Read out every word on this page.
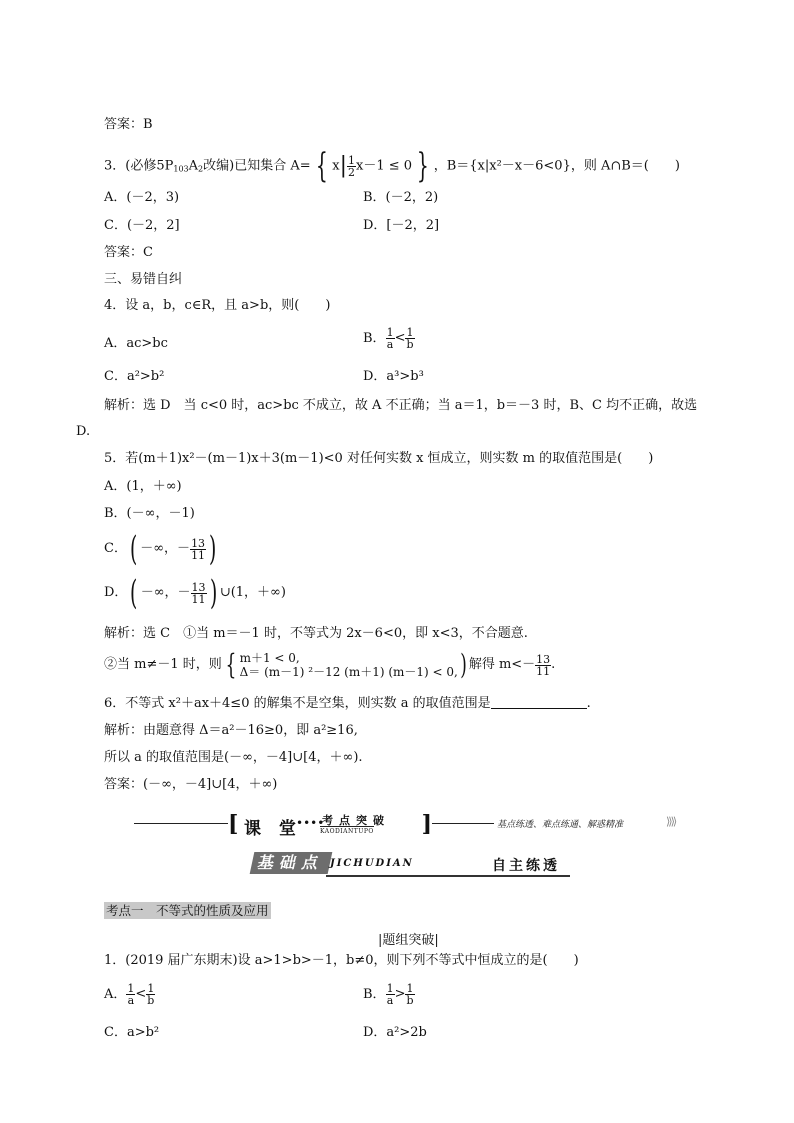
答案：B
3．(必修$5P_{103}A_2$改编)已知集合 A= { $x| \frac{1}{2} x-1 \le 0$ } ，B＝{x|x²－x－6<0}，则 A∩B＝(　　)
A．(－2，3)	B．(－2，2)
C．(－2，2]	D．[－2，2]
答案：C
三、易错自纠
4．设 a，b，c∈R，且 a>b，则(　　)
A．ac>bc	B． $\frac{1}{a} < \frac{1}{b}$
C．a²>b²	D．a³>b³
解析：选 D　当 c<0 时，ac>bc 不成立，故 A 不正确；当 a＝1，b＝－3 时，B、C 均不正确，故选
D.
5．若(m＋1)x²－(m－1)x＋3(m－1)<0 对任何实数 x 恒成立，则实数 m 的取值范围是(　　)
A．(1，＋∞)
B．(－∞，－1)
C．( －∞，－ $\frac{13}{11}$ )
D．( －∞，－ $\frac{13}{11}$ ) ∪(1，＋∞)
解析：选 C　①当 m＝－1 时，不等式为 2x－6<0，即 x<3，不合题意.
②当 m≠－1 时，则 { m＋1 < 0,
Δ＝ (m－1) ²－12 (m＋1) (m－1) < 0, ) 解得 $m<- \frac{13}{11}$ .
6．不等式 x²＋ax＋4≤0 的解集不是空集，则实数 a 的取值范围是	.
解析：由题意得 Δ＝a²－16≥0，即 a²≥16,
所以 a 的取值范围是(－∞，－4]∪[4，＋∞).
答案：(－∞，－4]∪[4，＋∞)
[ 课 堂
••••
考点突破
KAODIANTUPO ]	基点练透、难点练通、解惑精准	⟩⟩⟩⟩
基础点 JICHUDIAN	自主练透
考点一　不等式的性质及应用
|题组突破|
1．(2019 届广东期末)设 a>1>b>－1，b≠0，则下列不等式中恒成立的是(　　)
A． $\frac{1}{a} < \frac{1}{b}$	B． $\frac{1}{a} > \frac{1}{b}$
C．a>b²	D．a²>2b
